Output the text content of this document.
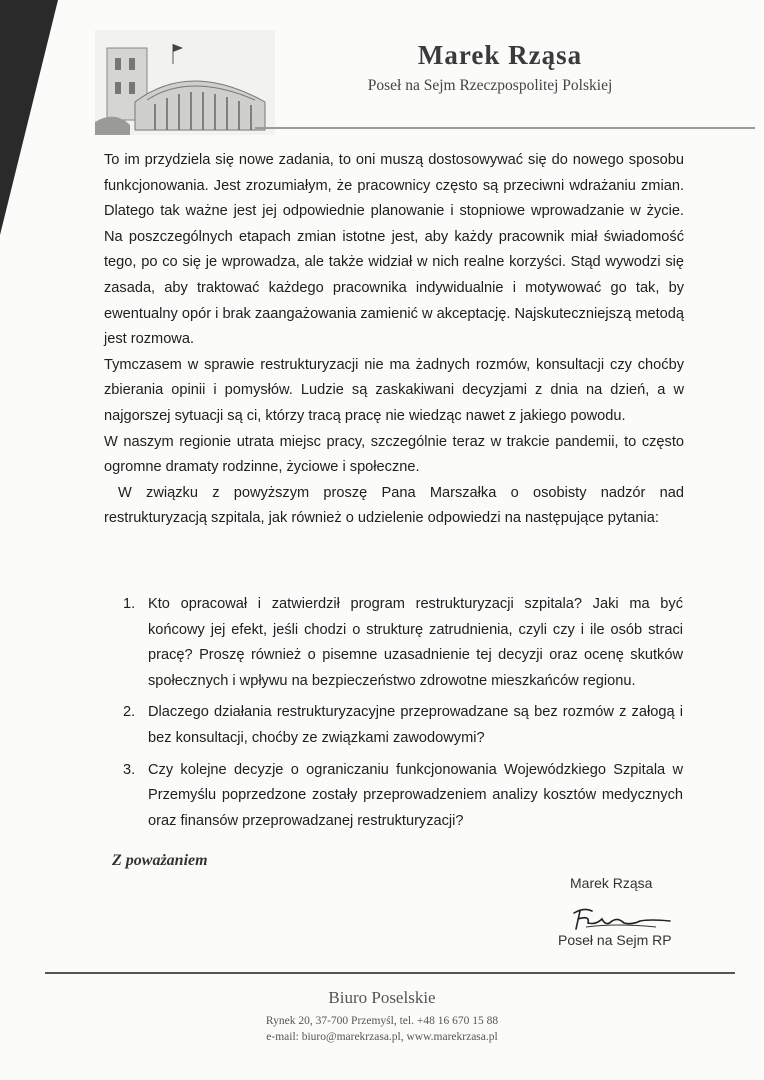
Marek Rząsa
Poseł na Sejm Rzeczpospolitej Polskiej

To im przydziela się nowe zadania, to oni muszą dostosowywać się do nowego sposobu funkcjonowania. Jest zrozumiałym, że pracownicy często są przeciwni wdrażaniu zmian. Dlatego tak ważne jest jej odpowiednie planowanie i stopniowe wprowadzanie w życie. Na poszczególnych etapach zmian istotne jest, aby każdy pracownik miał świadomość tego, po co się je wprowadza, ale także widział w nich realne korzyści. Stąd wywodzi się zasada, aby traktować każdego pracownika indywidualnie i motywować go tak, by ewentualny opór i brak zaangażowania zamienić w akceptację. Najskuteczniejszą metodą jest rozmowa.

Tymczasem w sprawie restrukturyzacji nie ma żadnych rozmów, konsultacji czy choćby zbierania opinii i pomysłów. Ludzie są zaskakiwani decyzjami z dnia na dzień, a w najgorszej sytuacji są ci, którzy tracą pracę nie wiedząc nawet z jakiego powodu.

W naszym regionie utrata miejsc pracy, szczególnie teraz w trakcie pandemii, to często ogromne dramaty rodzinne, życiowe i społeczne.

W związku z powyższym proszę Pana Marszałka o osobisty nadzór nad restrukturyzacją szpitala, jak również o udzielenie odpowiedzi na następujące pytania:

1. Kto opracował i zatwierdził program restrukturyzacji szpitala? Jaki ma być końcowy jej efekt, jeśli chodzi o strukturę zatrudnienia, czyli czy i ile osób straci pracę? Proszę również o pisemne uzasadnienie tej decyzji oraz ocenę skutków społecznych i wpływu na bezpieczeństwo zdrowotne mieszkańców regionu.
2. Dlaczego działania restrukturyzacyjne przeprowadzane są bez rozmów z załogą i bez konsultacji, choćby ze związkami zawodowymi?
3. Czy kolejne decyzje o ograniczaniu funkcjonowania Wojewódzkiego Szpitala w Przemyślu poprzedzone zostały przeprowadzeniem analizy kosztów medycznych oraz finansów przeprowadzanej restrukturyzacji?
Z poważaniem
Marek Rząsa
Poseł na Sejm RP
Biuro Poselskie
Rynek 20, 37-700 Przemyśl, tel. +48 16 670 15 88
e-mail: biuro@marekrzasa.pl, www.marekrzasa.pl
